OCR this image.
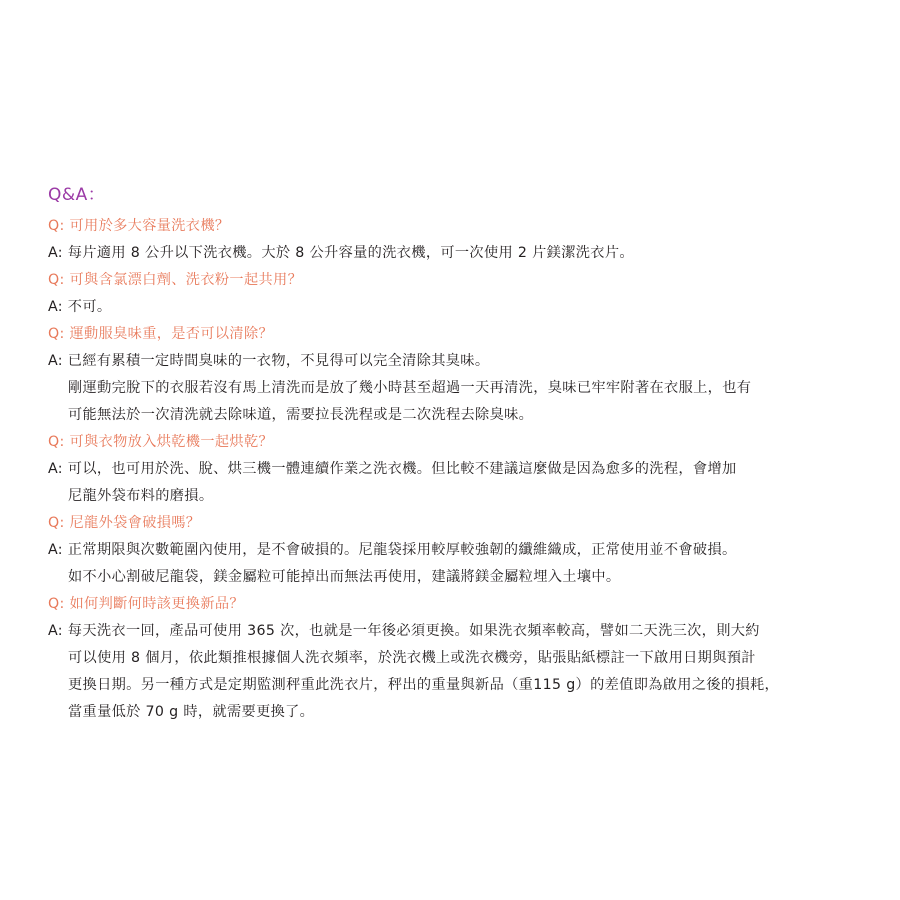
Q&A：
Q: 可用於多大容量洗衣機？
A: 每片適用 8 公升以下洗衣機。大於 8 公升容量的洗衣機，可一次使用 2 片鎂潔洗衣片。
Q: 可與含氯漂白劑、洗衣粉一起共用？
A: 不可。
Q: 運動服臭味重，是否可以清除？
A: 已經有累積一定時間臭味的一衣物，不見得可以完全清除其臭味。
剛運動完脫下的衣服若沒有馬上清洗而是放了幾小時甚至超過一天再清洗，臭味已牢牢附著在衣服上，也有
可能無法於一次清洗就去除味道，需要拉長洗程或是二次洗程去除臭味。
Q: 可與衣物放入烘乾機一起烘乾？
A: 可以，也可用於洗、脫、烘三機一體連續作業之洗衣機。但比較不建議這麼做是因為愈多的洗程，會增加
尼龍外袋布料的磨損。
Q: 尼龍外袋會破損嗎？
A: 正常期限與次數範圍內使用，是不會破損的。尼龍袋採用較厚較強韌的纖維織成，正常使用並不會破損。
如不小心割破尼龍袋，鎂金屬粒可能掉出而無法再使用，建議將鎂金屬粒埋入土壤中。
Q: 如何判斷何時該更換新品？
A: 每天洗衣一回，產品可使用 365 次，也就是一年後必須更換。如果洗衣頻率較高，譬如二天洗三次，則大約
可以使用 8 個月，依此類推根據個人洗衣頻率，於洗衣機上或洗衣機旁，貼張貼紙標註一下啟用日期與預計
更換日期。另一種方式是定期監測秤重此洗衣片，秤出的重量與新品（重115 g）的差值即為啟用之後的損耗，
當重量低於 70 g 時，就需要更換了。
